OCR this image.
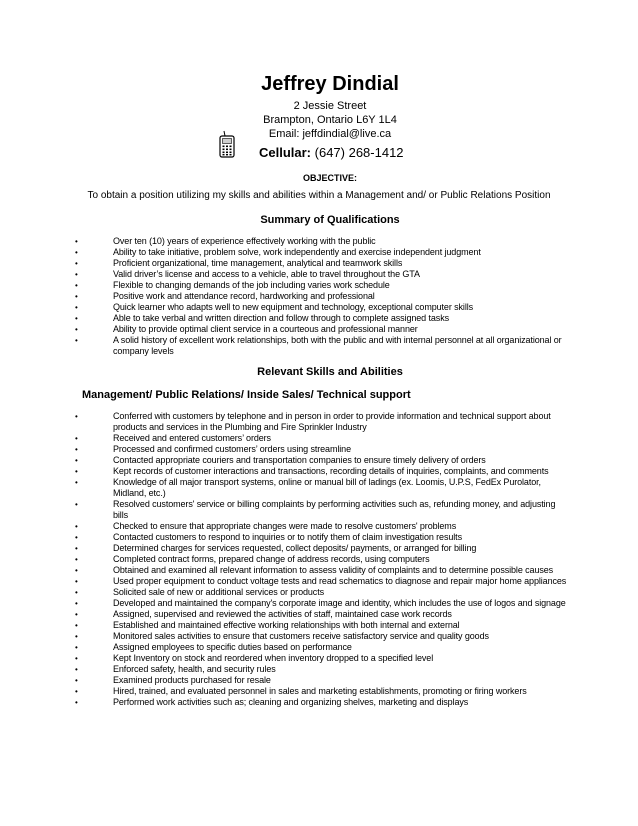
Jeffrey Dindial
2 Jessie Street
Brampton, Ontario L6Y 1L4
Email: jeffdindial@live.ca
Cellular: (647) 268-1412
OBJECTIVE:
To obtain a position utilizing my skills and abilities within a Management and/ or Public Relations Position
Summary of Qualifications
• Over ten (10) years of experience effectively working with the public
• Ability to take initiative, problem solve, work independently and exercise independent judgment
• Proficient organizational, time management, analytical and teamwork skills
• Valid driver’s license and access to a vehicle, able to travel throughout the GTA
• Flexible to changing demands of the job including varies work schedule
• Positive work and attendance record, hardworking and professional
• Quick learner who adapts well to new equipment and technology, exceptional computer skills
• Able to take verbal and written direction and follow through to complete assigned tasks
• Ability to provide optimal client service in a courteous and professional manner
• A solid history of excellent work relationships, both with the public and with internal personnel at all organizational or company levels
Relevant Skills and Abilities
Management/ Public Relations/ Inside Sales/ Technical support
• Conferred with customers by telephone and in person in order to provide information and technical support about products and services in the Plumbing and Fire Sprinkler Industry
• Received and entered customers’ orders
• Processed and confirmed customers’ orders using streamline
• Contacted appropriate couriers and transportation companies to ensure timely delivery of orders
• Kept records of customer interactions and transactions, recording details of inquiries, complaints, and comments
• Knowledge of all major transport systems, online or manual bill of ladings (ex. Loomis, U.P.S, FedEx Purolator, Midland, etc.)
• Resolved customers' service or billing complaints by performing activities such as, refunding money, and adjusting bills
• Checked to ensure that appropriate changes were made to resolve customers' problems
• Contacted customers to respond to inquiries or to notify them of claim investigation results
• Determined charges for services requested, collect deposits/ payments, or arranged for billing
• Completed contract forms, prepared change of address records, using computers
• Obtained and examined all relevant information to assess validity of complaints and to determine possible causes
• Used proper equipment to conduct voltage tests and read schematics to diagnose and repair major home appliances
• Solicited sale of new or additional services or products
• Developed and maintained the company's corporate image and identity, which includes the use of logos and signage
• Assigned, supervised and reviewed the activities of staff, maintained case work records
• Established and maintained effective working relationships with both internal and external
• Monitored sales activities to ensure that customers receive satisfactory service and quality goods
• Assigned employees to specific duties based on performance
• Kept Inventory on stock and reordered when inventory dropped to a specified level
• Enforced safety, health, and security rules
• Examined products purchased for resale
• Hired, trained, and evaluated personnel in sales and marketing establishments, promoting or firing workers
• Performed work activities such as; cleaning and organizing shelves, marketing and displays
